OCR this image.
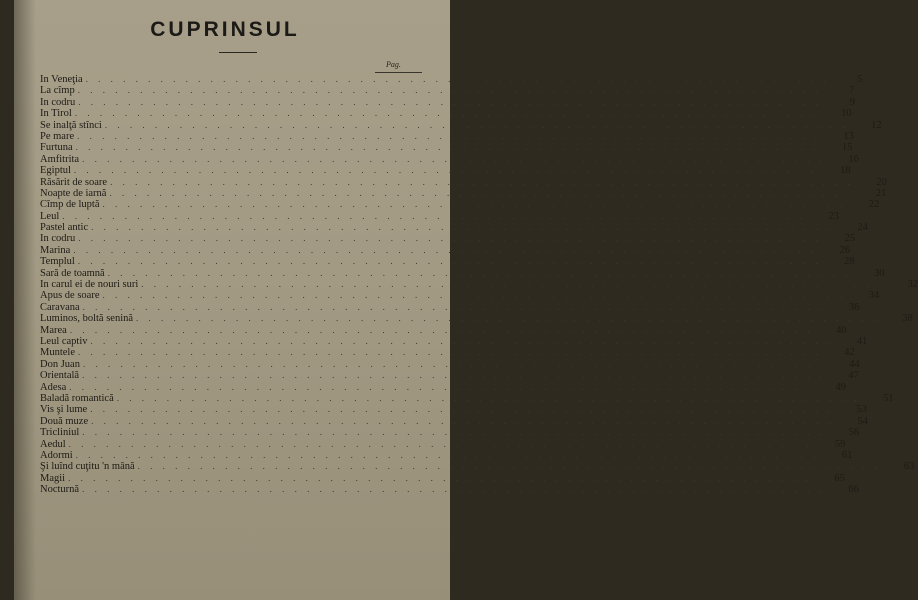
CUPRINSUL
Pag.
In Veneţia . . . . . . . . . . . . . . . . . . . . . . . . . . . . . . . . . . . . . . . . . . . . . . . . . . . . . . . . . . . .	5
La cîmp . . . . . . . . . . . . . . . . . . . . . . . . . . . . . . . . . . . . . . . . . . . . . . . . . . . . . . . . . . . .	7
In codru . . . . . . . . . . . . . . . . . . . . . . . . . . . . . . . . . . . . . . . . . . . . . . . . . . . . . . . . . . . .	9
In Tirol . . . . . . . . . . . . . . . . . . . . . . . . . . . . . . . . . . . . . . . . . . . . . . . . . . . . . . . . . . . .	10
Se inalţă stînci . . . . . . . . . . . . . . . . . . . . . . . . . . . . . . . . . . . . . . . . . . . . . . . . . . . . . . . . . . . .	12
Pe mare . . . . . . . . . . . . . . . . . . . . . . . . . . . . . . . . . . . . . . . . . . . . . . . . . . . . . . . . . . . .	13
Furtuna . . . . . . . . . . . . . . . . . . . . . . . . . . . . . . . . . . . . . . . . . . . . . . . . . . . . . . . . . . . .	15
Amfitrita . . . . . . . . . . . . . . . . . . . . . . . . . . . . . . . . . . . . . . . . . . . . . . . . . . . . . . . . . . . .	16
Egiptul . . . . . . . . . . . . . . . . . . . . . . . . . . . . . . . . . . . . . . . . . . . . . . . . . . . . . . . . . . . .	18
Răsărit de soare . . . . . . . . . . . . . . . . . . . . . . . . . . . . . . . . . . . . . . . . . . . . . . . . . . . . . . . . . . . .	20
Noapte de iarnă . . . . . . . . . . . . . . . . . . . . . . . . . . . . . . . . . . . . . . . . . . . . . . . . . . . . . . . . . . . .	21
Cîmp de luptă . . . . . . . . . . . . . . . . . . . . . . . . . . . . . . . . . . . . . . . . . . . . . . . . . . . . . . . . . . . .	22
Leul . . . . . . . . . . . . . . . . . . . . . . . . . . . . . . . . . . . . . . . . . . . . . . . . . . . . . . . . . . . .	23
Pastel antic . . . . . . . . . . . . . . . . . . . . . . . . . . . . . . . . . . . . . . . . . . . . . . . . . . . . . . . . . . . .	24
In codru . . . . . . . . . . . . . . . . . . . . . . . . . . . . . . . . . . . . . . . . . . . . . . . . . . . . . . . . . . . .	25
Marina . . . . . . . . . . . . . . . . . . . . . . . . . . . . . . . . . . . . . . . . . . . . . . . . . . . . . . . . . . . .	26
Templul . . . . . . . . . . . . . . . . . . . . . . . . . . . . . . . . . . . . . . . . . . . . . . . . . . . . . . . . . . . .	28
Sară de toamnă . . . . . . . . . . . . . . . . . . . . . . . . . . . . . . . . . . . . . . . . . . . . . . . . . . . . . . . . . . . .	30
In carul ei de nouri suri . . . . . . . . . . . . . . . . . . . . . . . . . . . . . . . . . . . . . . . . . . . . . . . . . . . . . . . . . . . .	32
Apus de soare . . . . . . . . . . . . . . . . . . . . . . . . . . . . . . . . . . . . . . . . . . . . . . . . . . . . . . . . . . . .	34
Caravana . . . . . . . . . . . . . . . . . . . . . . . . . . . . . . . . . . . . . . . . . . . . . . . . . . . . . . . . . . . .	36
Luminos, boltă senină . . . . . . . . . . . . . . . . . . . . . . . . . . . . . . . . . . . . . . . . . . . . . . . . . . . . . . . . . . . .	38
Marea . . . . . . . . . . . . . . . . . . . . . . . . . . . . . . . . . . . . . . . . . . . . . . . . . . . . . . . . . . . .	40
Leul captiv . . . . . . . . . . . . . . . . . . . . . . . . . . . . . . . . . . . . . . . . . . . . . . . . . . . . . . . . . . . .	41
Muntele . . . . . . . . . . . . . . . . . . . . . . . . . . . . . . . . . . . . . . . . . . . . . . . . . . . . . . . . . . . .	42
Don Juan . . . . . . . . . . . . . . . . . . . . . . . . . . . . . . . . . . . . . . . . . . . . . . . . . . . . . . . . . . . .	44
Orientală . . . . . . . . . . . . . . . . . . . . . . . . . . . . . . . . . . . . . . . . . . . . . . . . . . . . . . . . . . . .	47
Adesa . . . . . . . . . . . . . . . . . . . . . . . . . . . . . . . . . . . . . . . . . . . . . . . . . . . . . . . . . . . .	49
Baladă romantică . . . . . . . . . . . . . . . . . . . . . . . . . . . . . . . . . . . . . . . . . . . . . . . . . . . . . . . . . . . .	51
Vis şi lume . . . . . . . . . . . . . . . . . . . . . . . . . . . . . . . . . . . . . . . . . . . . . . . . . . . . . . . . . . . .	53
Două muze . . . . . . . . . . . . . . . . . . . . . . . . . . . . . . . . . . . . . . . . . . . . . . . . . . . . . . . . . . . .	54
Tricliniul . . . . . . . . . . . . . . . . . . . . . . . . . . . . . . . . . . . . . . . . . . . . . . . . . . . . . . . . . . . .	56
Aedul . . . . . . . . . . . . . . . . . . . . . . . . . . . . . . . . . . . . . . . . . . . . . . . . . . . . . . . . . . . .	59
Adormi . . . . . . . . . . . . . . . . . . . . . . . . . . . . . . . . . . . . . . . . . . . . . . . . . . . . . . . . . . . .	61
Şi luînd cuţitu 'n mână . . . . . . . . . . . . . . . . . . . . . . . . . . . . . . . . . . . . . . . . . . . . . . . . . . . . . . . . . . . .	63
Magii . . . . . . . . . . . . . . . . . . . . . . . . . . . . . . . . . . . . . . . . . . . . . . . . . . . . . . . . . . . .	65
Nocturnă . . . . . . . . . . . . . . . . . . . . . . . . . . . . . . . . . . . . . . . . . . . . . . . . . . . . . . . . . . . .	66
